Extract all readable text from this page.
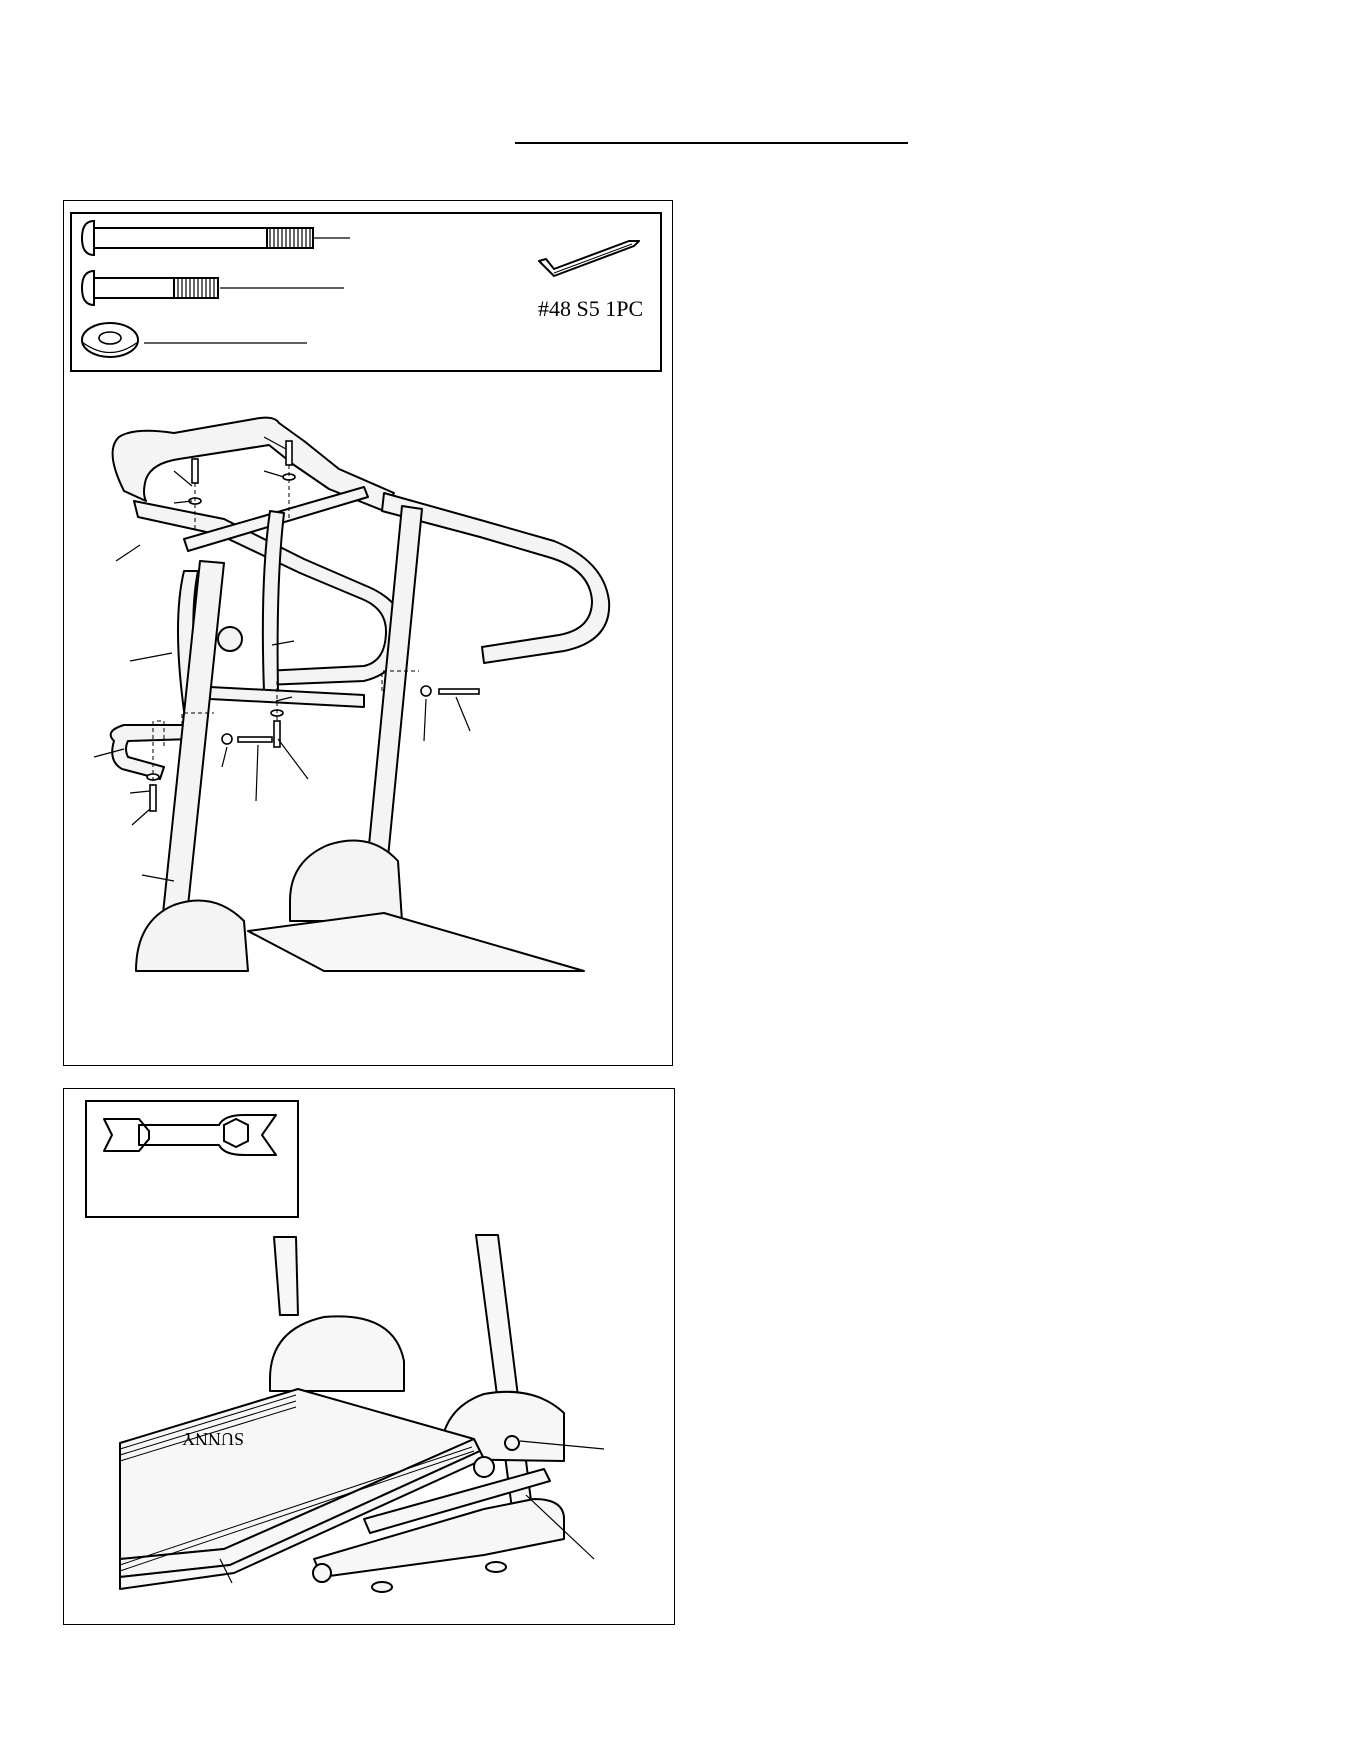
#48 S5 1PC
SUNNY
